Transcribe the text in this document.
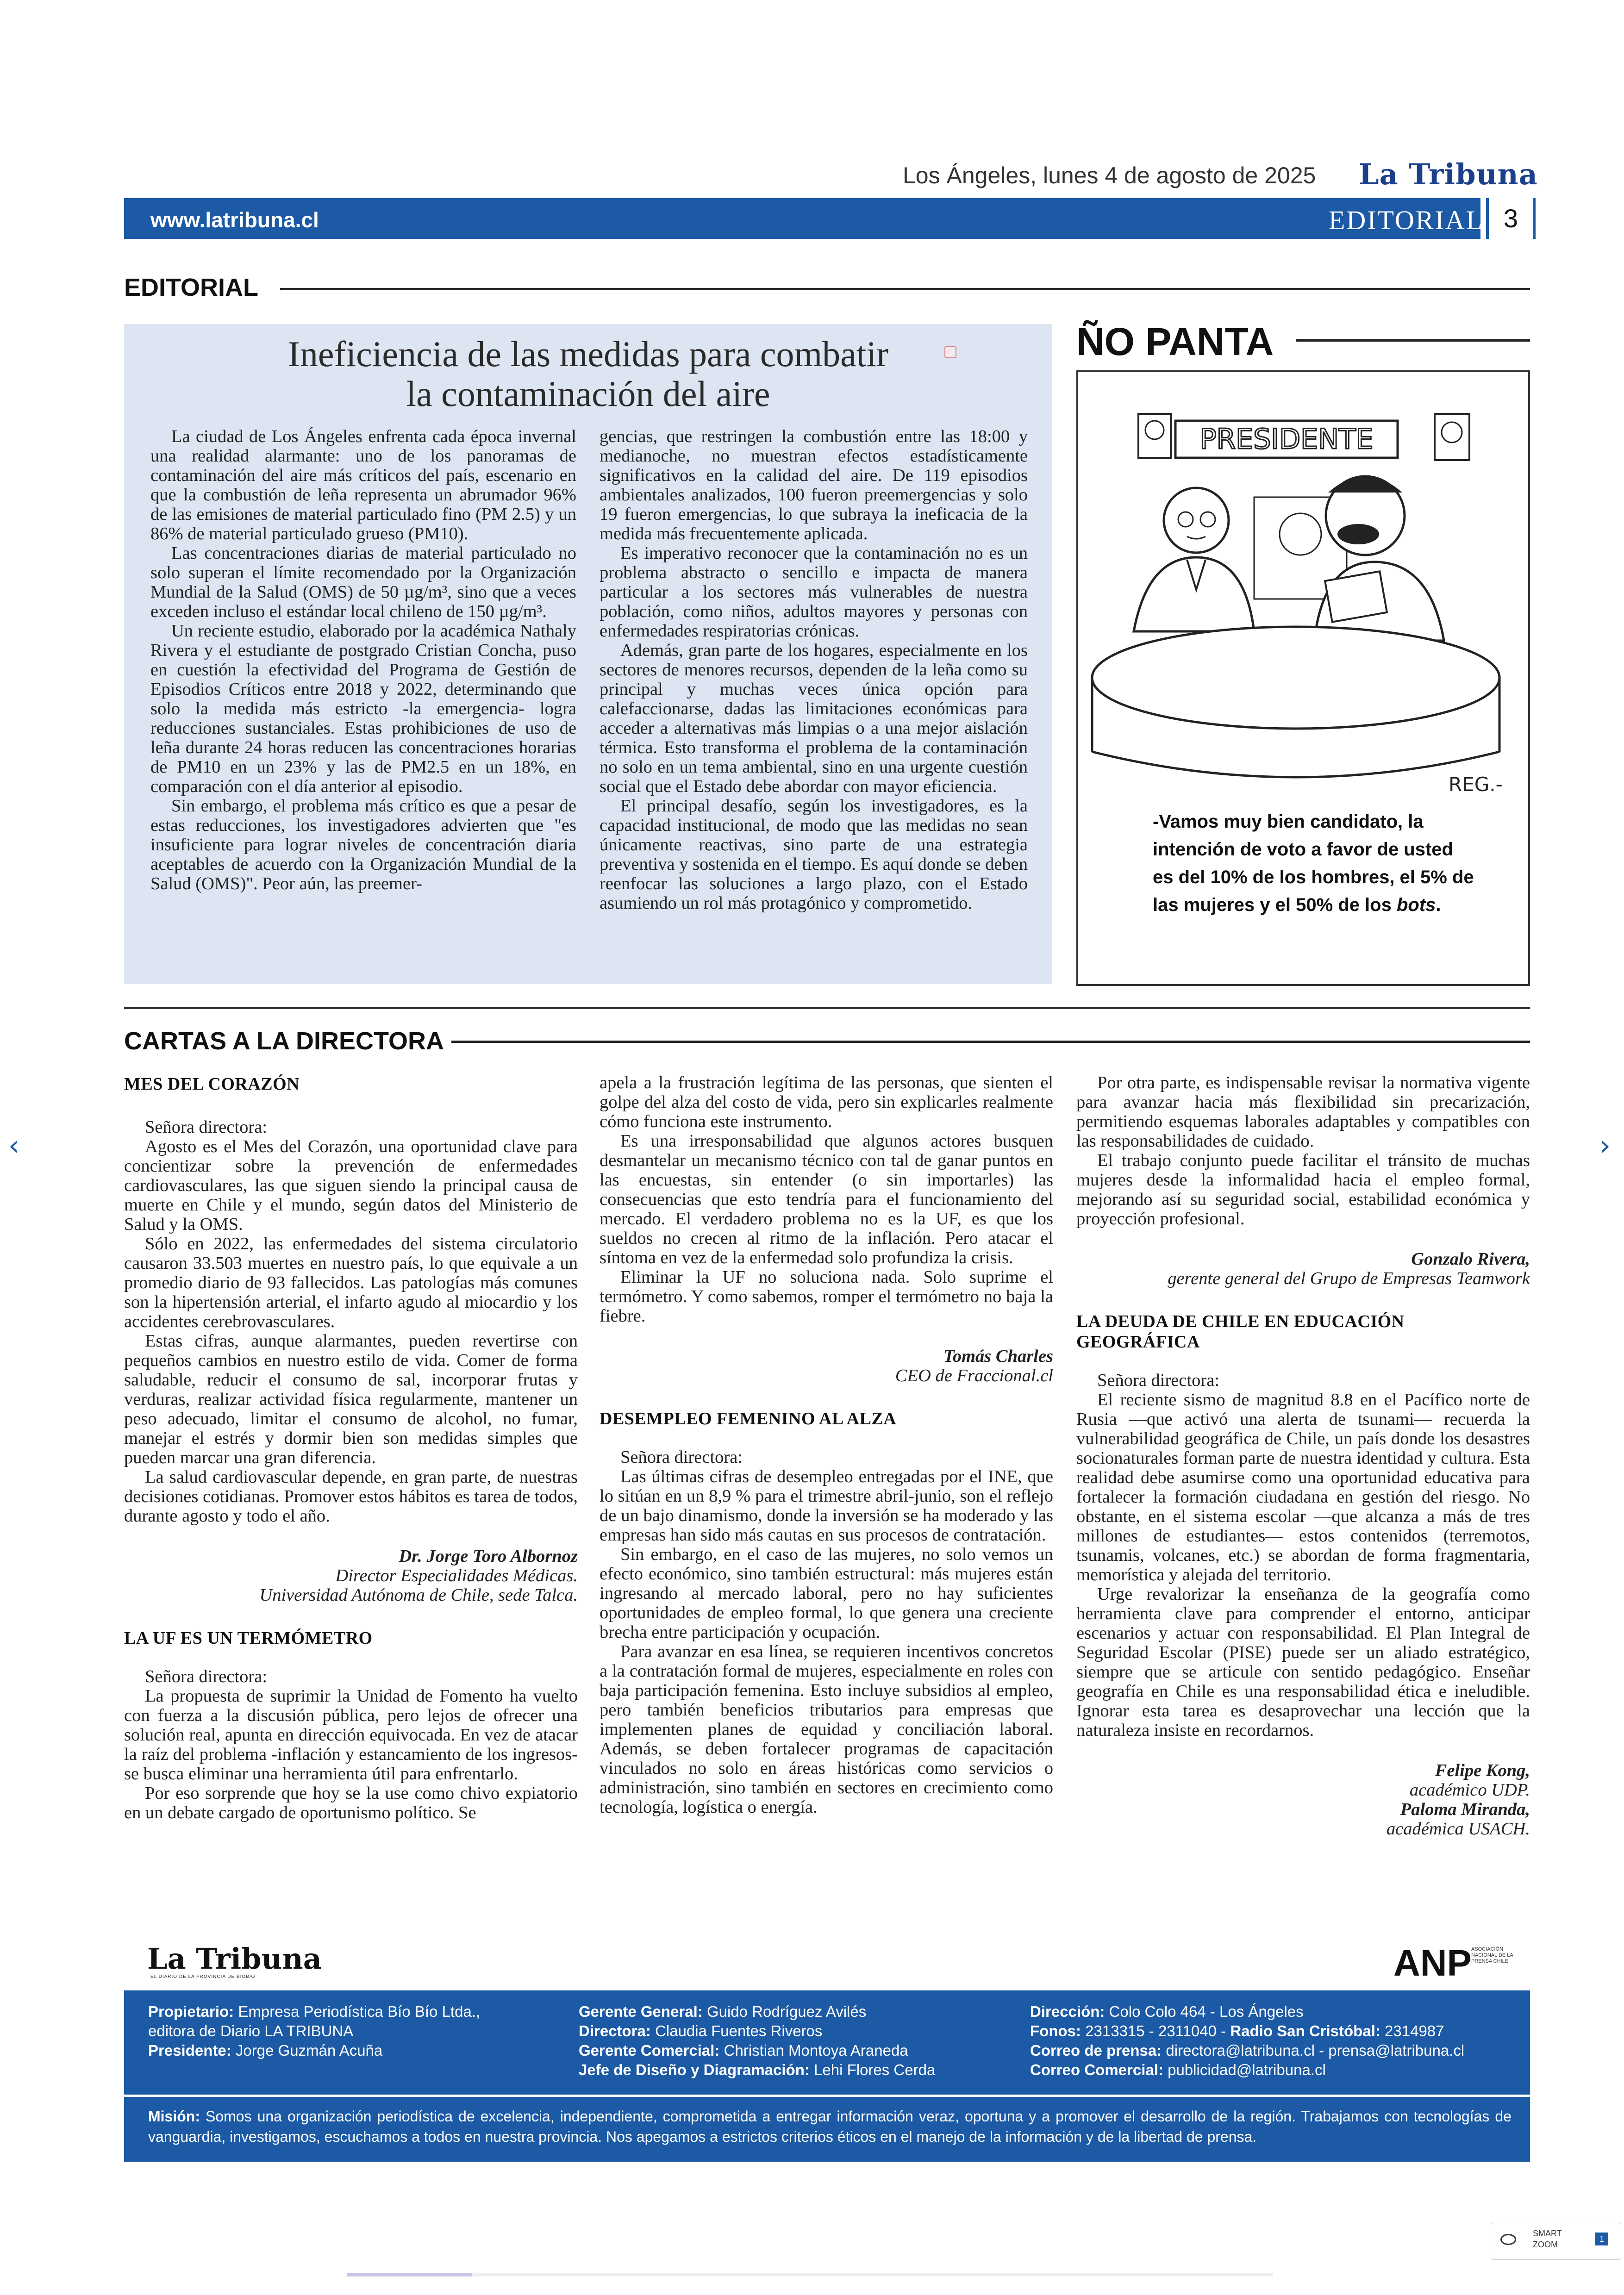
Los Ángeles, lunes 4 de agosto de 2025 La Tribuna
www.latribuna.cl	EDITORIAL 3
EDITORIAL
Ineficiencia de las medidas para combatir
la contaminación del aire

La ciudad de Los Ángeles enfrenta cada época invernal una realidad alarmante: uno de los panoramas de contaminación del aire más críticos del país, escenario en que la combustión de leña representa un abrumador 96% de las emisiones de material particulado fino (PM 2.5) y un 86% de material particulado grueso (PM10).

Las concentraciones diarias de material particulado no solo superan el límite recomendado por la Organización Mundial de la Salud (OMS) de 50 µg/m³, sino que a veces exceden incluso el estándar local chileno de 150 µg/m³.

Un reciente estudio, elaborado por la académica Nathaly Rivera y el estudiante de postgrado Cristian Concha, puso en cuestión la efectividad del Programa de Gestión de Episodios Críticos entre 2018 y 2022, determinando que solo la medida más estricto -la emergencia- logra reducciones sustanciales. Estas prohibiciones de uso de leña durante 24 horas reducen las concentraciones horarias de PM10 en un 23% y las de PM2.5 en un 18%, en comparación con el día anterior al episodio.

Sin embargo, el problema más crítico es que a pesar de estas reducciones, los investigadores advierten que "es insuficiente para lograr niveles de concentración diaria aceptables de acuerdo con la Organización Mundial de la Salud (OMS)". Peor aún, las preemer-

gencias, que restringen la combustión entre las 18:00 y medianoche, no muestran efectos estadísticamente significativos en la calidad del aire. De 119 episodios ambientales analizados, 100 fueron preemergencias y solo 19 fueron emergencias, lo que subraya la ineficacia de la medida más frecuentemente aplicada.

Es imperativo reconocer que la contaminación no es un problema abstracto o sencillo e impacta de manera particular a los sectores más vulnerables de nuestra población, como niños, adultos mayores y personas con enfermedades respiratorias crónicas.

Además, gran parte de los hogares, especialmente en los sectores de menores recursos, dependen de la leña como su principal y muchas veces única opción para calefaccionarse, dadas las limitaciones económicas para acceder a alternativas más limpias o a una mejor aislación térmica. Esto transforma el problema de la contaminación no solo en un tema ambiental, sino en una urgente cuestión social que el Estado debe abordar con mayor eficiencia.

El principal desafío, según los investigadores, es la capacidad institucional, de modo que las medidas no sean únicamente reactivas, sino parte de una estrategia preventiva y sostenida en el tiempo. Es aquí donde se deben reenfocar las soluciones a largo plazo, con el Estado asumiendo un rol más protagónico y comprometido.

ÑO PANTA
PRESIDENTE
REG.-
-Vamos muy bien candidato, la intención de voto a favor de usted es del 10% de los hombres, el 5% de las mujeres y el 50% de los bots.
CARTAS A LA DIRECTORA
MES DEL CORAZÓN

Señora directora:

Agosto es el Mes del Corazón, una oportunidad clave para concientizar sobre la prevención de enfermedades cardiovasculares, las que siguen siendo la principal causa de muerte en Chile y el mundo, según datos del Ministerio de Salud y la OMS.

Sólo en 2022, las enfermedades del sistema circulatorio causaron 33.503 muertes en nuestro país, lo que equivale a un promedio diario de 93 fallecidos. Las patologías más comunes son la hipertensión arterial, el infarto agudo al miocardio y los accidentes cerebrovasculares.

Estas cifras, aunque alarmantes, pueden revertirse con pequeños cambios en nuestro estilo de vida. Comer de forma saludable, reducir el consumo de sal, incorporar frutas y verduras, realizar actividad física regularmente, mantener un peso adecuado, limitar el consumo de alcohol, no fumar, manejar el estrés y dormir bien son medidas simples que pueden marcar una gran diferencia.

La salud cardiovascular depende, en gran parte, de nuestras decisiones cotidianas. Promover estos hábitos es tarea de todos, durante agosto y todo el año.

Dr. Jorge Toro Albornoz
Director Especialidades Médicas.
Universidad Autónoma de Chile, sede Talca.
LA UF ES UN TERMÓMETRO

Señora directora:

La propuesta de suprimir la Unidad de Fomento ha vuelto con fuerza a la discusión pública, pero lejos de ofrecer una solución real, apunta en dirección equivocada. En vez de atacar la raíz del problema -inflación y estancamiento de los ingresos- se busca eliminar una herramienta útil para enfrentarlo.

Por eso sorprende que hoy se la use como chivo expiatorio en un debate cargado de oportunismo político. Se

apela a la frustración legítima de las personas, que sienten el golpe del alza del costo de vida, pero sin explicarles realmente cómo funciona este instrumento.

Es una irresponsabilidad que algunos actores busquen desmantelar un mecanismo técnico con tal de ganar puntos en las encuestas, sin entender (o sin importarles) las consecuencias que esto tendría para el funcionamiento del mercado. El verdadero problema no es la UF, es que los sueldos no crecen al ritmo de la inflación. Pero atacar el síntoma en vez de la enfermedad solo profundiza la crisis.

Eliminar la UF no soluciona nada. Solo suprime el termómetro. Y como sabemos, romper el termómetro no baja la fiebre.

Tomás Charles
CEO de Fraccional.cl
DESEMPLEO FEMENINO AL ALZA

Señora directora:

Las últimas cifras de desempleo entregadas por el INE, que lo sitúan en un 8,9 % para el trimestre abril-junio, son el reflejo de un bajo dinamismo, donde la inversión se ha moderado y las empresas han sido más cautas en sus procesos de contratación.

Sin embargo, en el caso de las mujeres, no solo vemos un efecto económico, sino también estructural: más mujeres están ingresando al mercado laboral, pero no hay suficientes oportunidades de empleo formal, lo que genera una creciente brecha entre participación y ocupación.

Para avanzar en esa línea, se requieren incentivos concretos a la contratación formal de mujeres, especialmente en roles con baja participación femenina. Esto incluye subsidios al empleo, pero también beneficios tributarios para empresas que implementen planes de equidad y conciliación laboral. Además, se deben fortalecer programas de capacitación vinculados no solo en áreas históricas como servicios o administración, sino también en sectores en crecimiento como tecnología, logística o energía.

Por otra parte, es indispensable revisar la normativa vigente para avanzar hacia más flexibilidad sin precarización, permitiendo esquemas laborales adaptables y compatibles con las responsabilidades de cuidado.

El trabajo conjunto puede facilitar el tránsito de muchas mujeres desde la informalidad hacia el empleo formal, mejorando así su seguridad social, estabilidad económica y proyección profesional.

Gonzalo Rivera,
gerente general del Grupo de Empresas Teamwork
LA DEUDA DE CHILE EN EDUCACIÓN GEOGRÁFICA

Señora directora:

El reciente sismo de magnitud 8.8 en el Pacífico norte de Rusia —que activó una alerta de tsunami— recuerda la vulnerabilidad geográfica de Chile, un país donde los desastres socionaturales forman parte de nuestra identidad y cultura. Esta realidad debe asumirse como una oportunidad educativa para fortalecer la formación ciudadana en gestión del riesgo. No obstante, en el sistema escolar —que alcanza a más de tres millones de estudiantes— estos contenidos (terremotos, tsunamis, volcanes, etc.) se abordan de forma fragmentaria, memorística y alejada del territorio.

Urge revalorizar la enseñanza de la geografía como herramienta clave para comprender el entorno, anticipar escenarios y actuar con responsabilidad. El Plan Integral de Seguridad Escolar (PISE) puede ser un aliado estratégico, siempre que se articule con sentido pedagógico. Enseñar geografía en Chile es una responsabilidad ética e ineludible. Ignorar esta tarea es desaprovechar una lección que la naturaleza insiste en recordarnos.

Felipe Kong,
académico UDP.
Paloma Miranda,
académica USACH.
La Tribuna
EL DIARIO DE LA PROVINCIA DE BIOBÍO	ANP ASOCIACIÓN NACIONAL DE LA PRENSA CHILE
Propietario: Empresa Periodística Bío Bío Ltda.,
editora de Diario LA TRIBUNA
Presidente: Jorge Guzmán Acuña
Gerente General: Guido Rodríguez Avilés
Directora: Claudia Fuentes Riveros
Gerente Comercial: Christian Montoya Araneda
Jefe de Diseño y Diagramación: Lehi Flores Cerda
Dirección: Colo Colo 464 - Los Ángeles
Fonos: 2313315 - 2311040 - Radio San Cristóbal: 2314987
Correo de prensa: directora@latribuna.cl - prensa@latribuna.cl
Correo Comercial: publicidad@latribuna.cl
Misión: Somos una organización periodística de excelencia, independiente, comprometida a entregar información veraz, oportuna y a promover el desarrollo de la región. Trabajamos con tecnologías de vanguardia, investigamos, escuchamos a todos en nuestra provincia. Nos apegamos a estrictos criterios éticos en el manejo de la información y de la libertad de prensa.
‹	›
SMART
ZOOM
1
